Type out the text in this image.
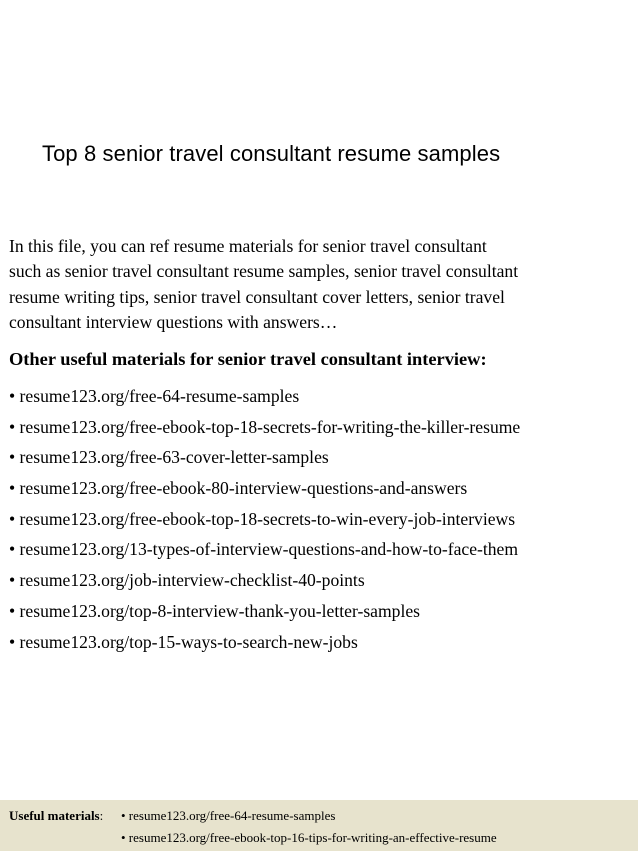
Top 8 senior travel consultant resume samples

In this file, you can ref resume materials for senior travel consultant
such as senior travel consultant resume samples, senior travel consultant
resume writing tips, senior travel consultant cover letters, senior travel
consultant interview questions with answers…

Other useful materials for senior travel consultant interview:
• resume123.org/free-64-resume-samples
• resume123.org/free-ebook-top-18-secrets-for-writing-the-killer-resume
• resume123.org/free-63-cover-letter-samples
• resume123.org/free-ebook-80-interview-questions-and-answers
• resume123.org/free-ebook-top-18-secrets-to-win-every-job-interviews
• resume123.org/13-types-of-interview-questions-and-how-to-face-them
• resume123.org/job-interview-checklist-40-points
• resume123.org/top-8-interview-thank-you-letter-samples
• resume123.org/top-15-ways-to-search-new-jobs
Useful materials: • resume123.org/free-64-resume-samples
• resume123.org/free-ebook-top-16-tips-for-writing-an-effective-resume
